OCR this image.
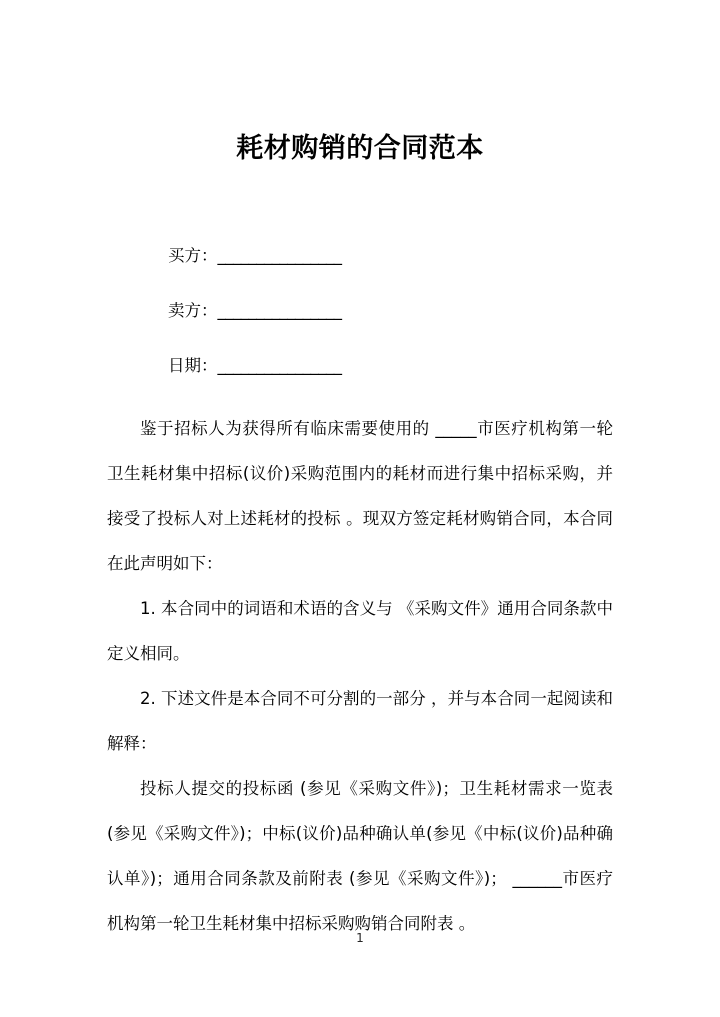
耗材购销的合同范本
买方：________________
卖方：________________
日期：________________

鉴于招标人为获得所有临床需要使用的 _____市医疗机构第一轮卫生耗材集中招标(议价)采购范围内的耗材而进行集中招标采购，并接受了投标人对上述耗材的投标 。现双方签定耗材购销合同，本合同在此声明如下：

1. 本合同中的词语和术语的含义与 《采购文件》通用合同条款中定义相同。

2. 下述文件是本合同不可分割的一部分 ，并与本合同一起阅读和解释：

投标人提交的投标函 (参见《采购文件》)；卫生耗材需求一览表(参见《采购文件》)；中标(议价)品种确认单(参见《中标(议价)品种确认单》)；通用合同条款及前附表 (参见《采购文件》)； ______市医疗机构第一轮卫生耗材集中招标采购购销合同附表 。

1
